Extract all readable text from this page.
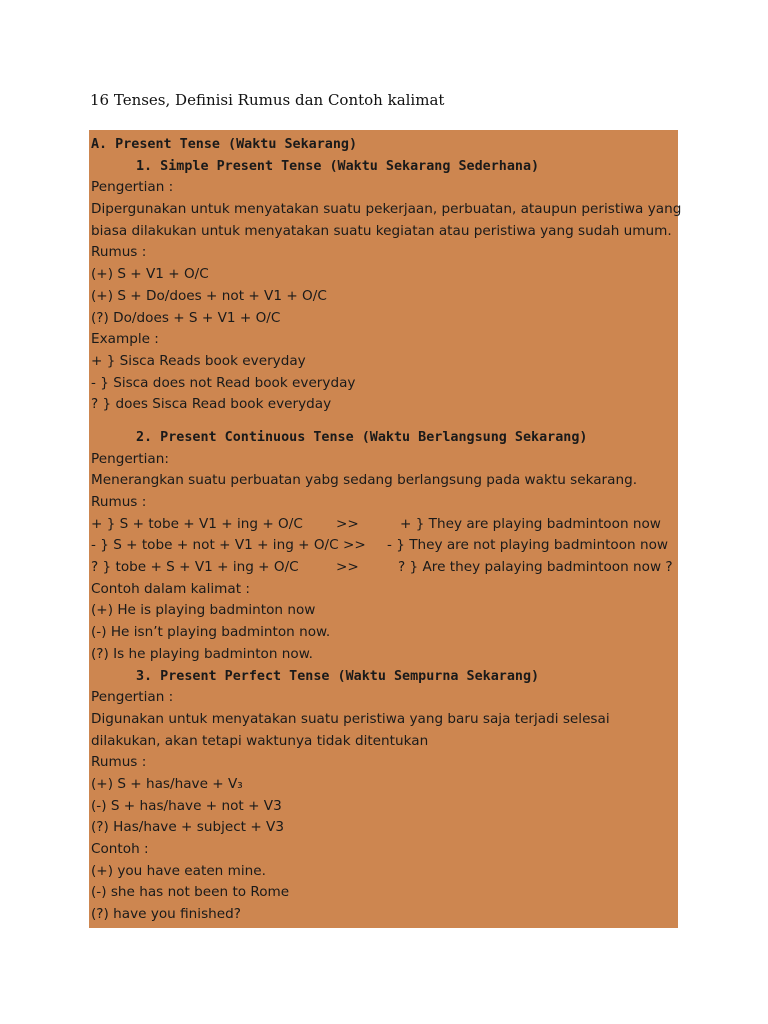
16 Tenses, Definisi Rumus dan Contoh kalimat
A. Present Tense (Waktu Sekarang)
1. Simple Present Tense (Waktu Sekarang Sederhana)
Pengertian :
Dipergunakan untuk menyatakan suatu pekerjaan, perbuatan, ataupun peristiwa yang
biasa dilakukan untuk menyatakan suatu kegiatan atau peristiwa yang sudah umum.
Rumus :
(+) S + V1 + O/C
(+) S + Do/does + not + V1 + O/C
(?) Do/does + S + V1 + O/C
Example :
+ } Sisca Reads book everyday
- } Sisca does not Read book everyday
? } does Sisca Read book everyday
2. Present Continuous Tense (Waktu Berlangsung Sekarang)
Pengertian:
Menerangkan suatu perbuatan yabg sedang berlangsung pada waktu sekarang.
Rumus :
+ } S + tobe + V1 + ing + O/C >>	+ } They are playing badmintoon now
- } S + tobe + not + V1 + ing + O/C >> - } They are not playing badmintoon now
? } tobe + S + V1 + ing + O/C	>>	? } Are they palaying badmintoon now ?
Contoh dalam kalimat :
(+) He is playing badminton now
(-) He isn’t playing badminton now.
(?) Is he playing badminton now.
3. Present Perfect Tense (Waktu Sempurna Sekarang)
Pengertian :
Digunakan untuk menyatakan suatu peristiwa yang baru saja terjadi selesai
dilakukan, akan tetapi waktunya tidak ditentukan
Rumus :
(+) S + has/have + V₃
(-) S + has/have + not + V3
(?) Has/have + subject + V3
Contoh :
(+) you have eaten mine.
(-) she has not been to Rome
(?) have you finished?
